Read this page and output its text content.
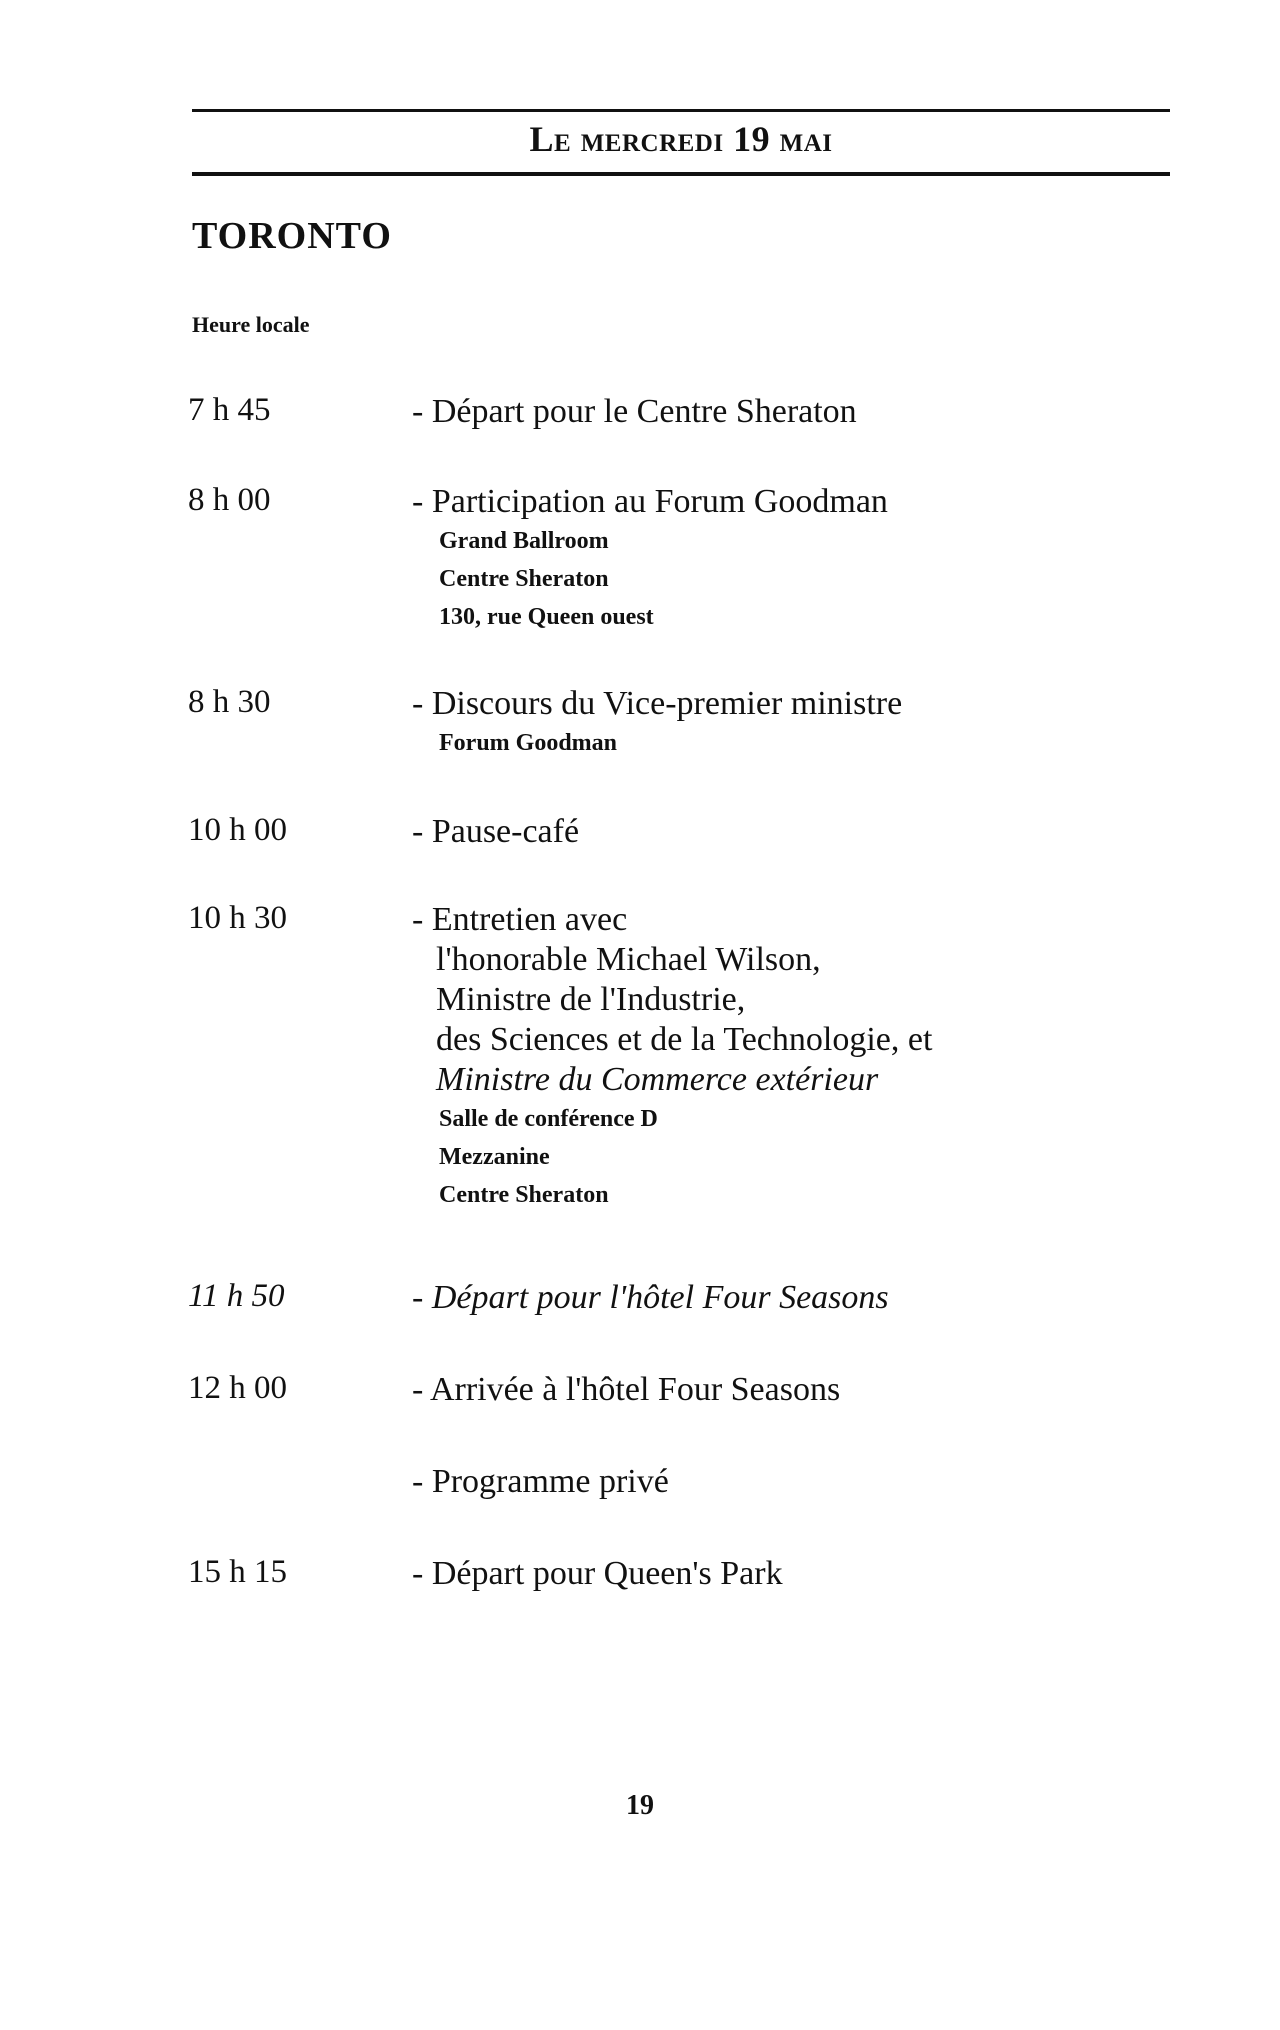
Le mercredi 19 mai
TORONTO
Heure locale
7 h 45	- Départ pour le Centre Sheraton
8 h 00	- Participation au Forum Goodman
Grand Ballroom
Centre Sheraton
130, rue Queen ouest
8 h 30	- Discours du Vice-premier ministre
Forum Goodman
10 h 00	- Pause-café
10 h 30	- Entretien avec
l'honorable Michael Wilson,
Ministre de l'Industrie,
des Sciences et de la Technologie, et
Ministre du Commerce extérieur
Salle de conférence D
Mezzanine
Centre Sheraton
11 h 50	- Départ pour l'hôtel Four Seasons
12 h 00	- Arrivée à l'hôtel Four Seasons
- Programme privé
15 h 15	- Départ pour Queen's Park
19
